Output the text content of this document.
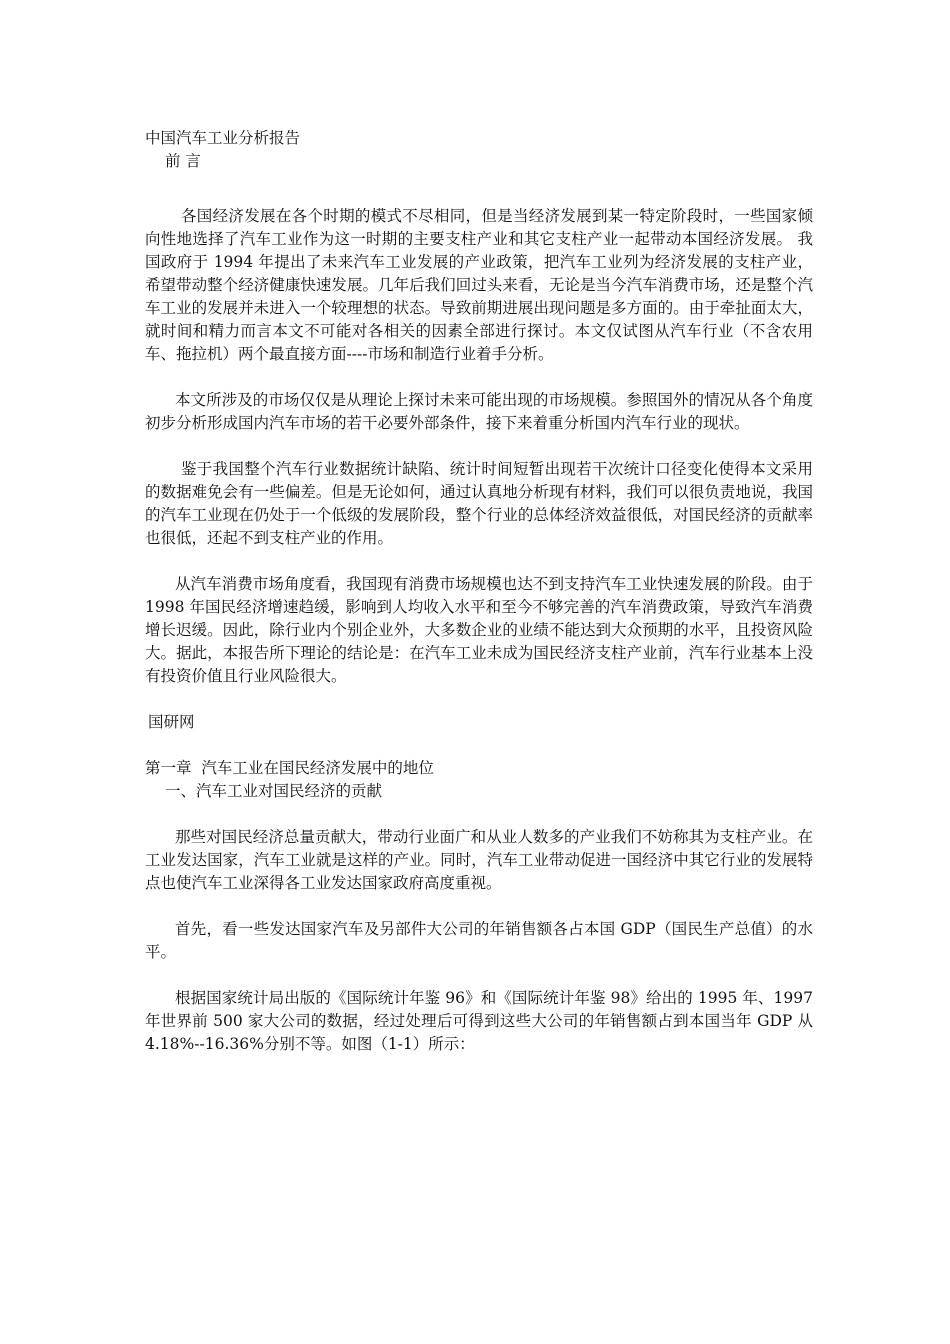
中国汽车工业分析报告
前 言

各国经济发展在各个时期的模式不尽相同，但是当经济发展到某一特定阶段时，一些国家倾向性地选择了汽车工业作为这一时期的主要支柱产业和其它支柱产业一起带动本国经济发展。 我国政府于 1994 年提出了未来汽车工业发展的产业政策，把汽车工业列为经济发展的支柱产业，希望带动整个经济健康快速发展。几年后我们回过头来看，无论是当今汽车消费市场，还是整个汽车工业的发展并未进入一个较理想的状态。导致前期进展出现问题是多方面的。由于牵扯面太大，就时间和精力而言本文不可能对各相关的因素全部进行探讨。本文仅试图从汽车行业（不含农用车、拖拉机）两个最直接方面----市场和制造行业着手分析。

本文所涉及的市场仅仅是从理论上探讨未来可能出现的市场规模。参照国外的情况从各个角度初步分析形成国内汽车市场的若干必要外部条件，接下来着重分析国内汽车行业的现状。

鉴于我国整个汽车行业数据统计缺陷、统计时间短暂出现若干次统计口径变化使得本文采用的数据难免会有一些偏差。但是无论如何，通过认真地分析现有材料，我们可以很负责地说，我国的汽车工业现在仍处于一个低级的发展阶段，整个行业的总体经济效益很低，对国民经济的贡献率也很低，还起不到支柱产业的作用。

从汽车消费市场角度看，我国现有消费市场规模也达不到支持汽车工业快速发展的阶段。由于 1998 年国民经济增速趋缓，影响到人均收入水平和至今不够完善的汽车消费政策，导致汽车消费增长迟缓。因此，除行业内个别企业外，大多数企业的业绩不能达到大众预期的水平，且投资风险大。据此，本报告所下理论的结论是：在汽车工业未成为国民经济支柱产业前，汽车行业基本上没有投资价值且行业风险很大。

国研网
第一章  汽车工业在国民经济发展中的地位
一、汽车工业对国民经济的贡献

那些对国民经济总量贡献大，带动行业面广和从业人数多的产业我们不妨称其为支柱产业。在工业发达国家，汽车工业就是这样的产业。同时，汽车工业带动促进一国经济中其它行业的发展特点也使汽车工业深得各工业发达国家政府高度重视。

首先，看一些发达国家汽车及另部件大公司的年销售额各占本国 GDP（国民生产总值）的水平。

根据国家统计局出版的《国际统计年鉴 96》和《国际统计年鉴 98》给出的 1995 年、1997 年世界前 500 家大公司的数据，经过处理后可得到这些大公司的年销售额占到本国当年 GDP 从 4.18%--16.36%分别不等。如图（1-1）所示：
